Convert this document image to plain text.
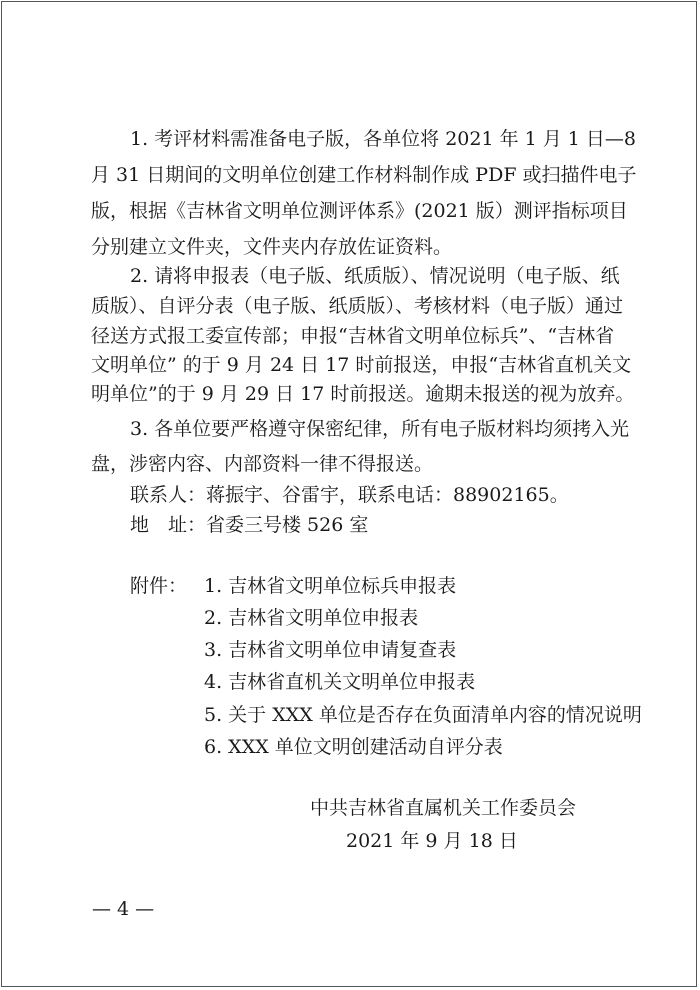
1. 考评材料需准备电子版，各单位将 2021 年 1 月 1 日—8
月 31 日期间的文明单位创建工作材料制作成 PDF 或扫描件电子
版，根据《吉林省文明单位测评体系》(2021 版）测评指标项目
分别建立文件夹，文件夹内存放佐证资料。
2. 请将申报表（电子版、纸质版）、情况说明（电子版、纸
质版）、自评分表（电子版、纸质版）、考核材料（电子版）通过
径送方式报工委宣传部；申报“吉林省文明单位标兵”、“吉林省
文明单位” 的于 9 月 24 日 17 时前报送，申报“吉林省直机关文
明单位”的于 9 月 29 日 17 时前报送。逾期未报送的视为放弃。
3. 各单位要严格遵守保密纪律，所有电子版材料均须拷入光
盘，涉密内容、内部资料一律不得报送。
联系人：蒋振宇、谷雷宇，联系电话：88902165。
地　址：省委三号楼 526 室
附件： 1. 吉林省文明单位标兵申报表
2. 吉林省文明单位申报表
3. 吉林省文明单位申请复查表
4. 吉林省直机关文明单位申报表
5. 关于 XXX 单位是否存在负面清单内容的情况说明
6. XXX 单位文明创建活动自评分表
中共吉林省直属机关工作委员会
2021 年 9 月 18 日
— 4 —
